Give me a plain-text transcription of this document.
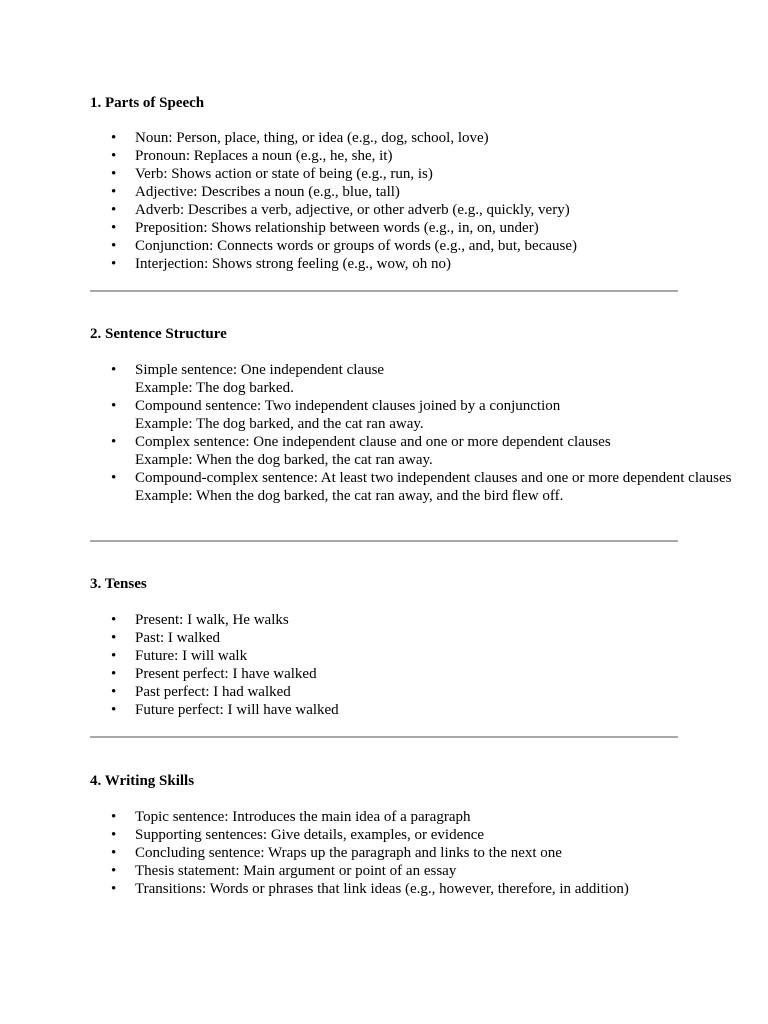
1. Parts of Speech
• Noun: Person, place, thing, or idea (e.g., dog, school, love)
• Pronoun: Replaces a noun (e.g., he, she, it)
• Verb: Shows action or state of being (e.g., run, is)
• Adjective: Describes a noun (e.g., blue, tall)
• Adverb: Describes a verb, adjective, or other adverb (e.g., quickly, very)
• Preposition: Shows relationship between words (e.g., in, on, under)
• Conjunction: Connects words or groups of words (e.g., and, but, because)
• Interjection: Shows strong feeling (e.g., wow, oh no)
2. Sentence Structure
• Simple sentence: One independent clause
Example: The dog barked.
• Compound sentence: Two independent clauses joined by a conjunction
Example: The dog barked, and the cat ran away.
• Complex sentence: One independent clause and one or more dependent clauses
Example: When the dog barked, the cat ran away.
• Compound-complex sentence: At least two independent clauses and one or more dependent clauses
Example: When the dog barked, the cat ran away, and the bird flew off.
3. Tenses
• Present: I walk, He walks
• Past: I walked
• Future: I will walk
• Present perfect: I have walked
• Past perfect: I had walked
• Future perfect: I will have walked
4. Writing Skills
• Topic sentence: Introduces the main idea of a paragraph
• Supporting sentences: Give details, examples, or evidence
• Concluding sentence: Wraps up the paragraph and links to the next one
• Thesis statement: Main argument or point of an essay
• Transitions: Words or phrases that link ideas (e.g., however, therefore, in addition)
